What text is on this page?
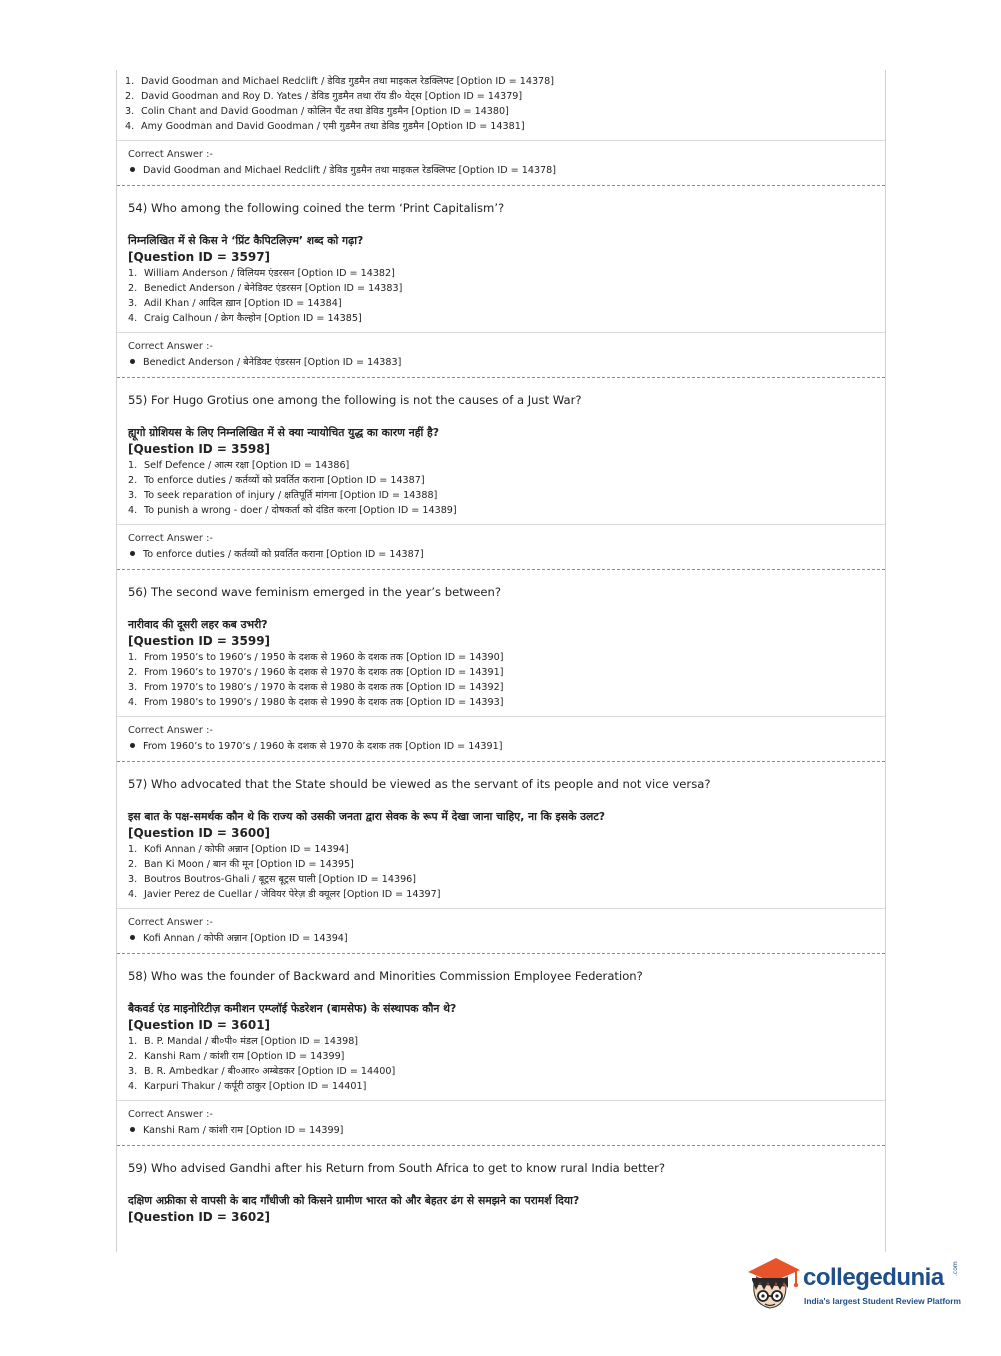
1. David Goodman and Michael Redclift / डेविड गुडमैन तथा माइकल रेडक्लिफ्ट [Option ID = 14378]
2. David Goodman and Roy D. Yates / डेविड गुडमैन तथा रॉय डी० येट्स [Option ID = 14379]
3. Colin Chant and David Goodman / कोलिन चैंट तथा डेविड गुडमैन [Option ID = 14380]
4. Amy Goodman and David Goodman / एमी गुडमैन तथा डेविड गुडमैन [Option ID = 14381]
Correct Answer :-
David Goodman and Michael Redclift / डेविड गुडमैन तथा माइकल रेडक्लिफ्ट [Option ID = 14378]
54) Who among the following coined the term ‘Print Capitalism’?
निम्नलिखित में से किस ने ‘प्रिंट कैपिटलिज़्म’ शब्द को गढ़ा?
[Question ID = 3597]
1. William Anderson / विलियम एंडरसन [Option ID = 14382]
2. Benedict Anderson / बेनेडिक्ट एंडरसन [Option ID = 14383]
3. Adil Khan / आदिल ख़ान [Option ID = 14384]
4. Craig Calhoun / क्रेग कैल्होन [Option ID = 14385]
Correct Answer :-
Benedict Anderson / बेनेडिक्ट एंडरसन [Option ID = 14383]
55) For Hugo Grotius one among the following is not the causes of a Just War?
ह्यूगो ग्रोशियस के लिए निम्नलिखित में से क्या न्यायोचित युद्ध का कारण नहीं है?
[Question ID = 3598]
1. Self Defence / आत्म रक्षा [Option ID = 14386]
2. To enforce duties / कर्तव्यों को प्रवर्तित कराना [Option ID = 14387]
3. To seek reparation of injury / क्षतिपूर्ति मांगना [Option ID = 14388]
4. To punish a wrong - doer / दोषकर्ता को दंडित करना [Option ID = 14389]
Correct Answer :-
To enforce duties / कर्तव्यों को प्रवर्तित कराना [Option ID = 14387]
56) The second wave feminism emerged in the year’s between?
नारीवाद की दूसरी लहर कब उभरी?
[Question ID = 3599]
1. From 1950’s to 1960’s / 1950 के दशक से 1960 के दशक तक [Option ID = 14390]
2. From 1960’s to 1970’s / 1960 के दशक से 1970 के दशक तक [Option ID = 14391]
3. From 1970’s to 1980’s / 1970 के दशक से 1980 के दशक तक [Option ID = 14392]
4. From 1980’s to 1990’s / 1980 के दशक से 1990 के दशक तक [Option ID = 14393]
Correct Answer :-
From 1960’s to 1970’s / 1960 के दशक से 1970 के दशक तक [Option ID = 14391]
57) Who advocated that the State should be viewed as the servant of its people and not vice versa?
इस बात के पक्ष-समर्थक कौन थे कि राज्य को उसकी जनता द्वारा सेवक के रूप में देखा जाना चाहिए, ना कि इसके उलट?
[Question ID = 3600]
1. Kofi Annan / कोफी अन्नान [Option ID = 14394]
2. Ban Ki Moon / बान की मून [Option ID = 14395]
3. Boutros Boutros-Ghali / बूट्रस बूट्रस घाली [Option ID = 14396]
4. Javier Perez de Cuellar / जेवियर पेरेज़ डी क्यूलर [Option ID = 14397]
Correct Answer :-
Kofi Annan / कोफी अन्नान [Option ID = 14394]
58) Who was the founder of Backward and Minorities Commission Employee Federation?
बैकवर्ड एंड माइनोरिटीज़ कमीशन एम्प्लॉई फेडरेशन (बामसेफ) के संस्थापक कौन थे?
[Question ID = 3601]
1. B. P. Mandal / बी०पी० मंडल [Option ID = 14398]
2. Kanshi Ram / कांशी राम [Option ID = 14399]
3. B. R. Ambedkar / बी०आर० अम्बेडकर [Option ID = 14400]
4. Karpuri Thakur / कर्पूरी ठाकुर [Option ID = 14401]
Correct Answer :-
Kanshi Ram / कांशी राम [Option ID = 14399]
59) Who advised Gandhi after his Return from South Africa to get to know rural India better?
दक्षिण अफ्रीका से वापसी के बाद गाँधीजी को किसने ग्रामीण भारत को और बेहतर ढंग से समझने का परामर्श दिया?
[Question ID = 3602]
collegedunia .com
India's largest Student Review Platform
